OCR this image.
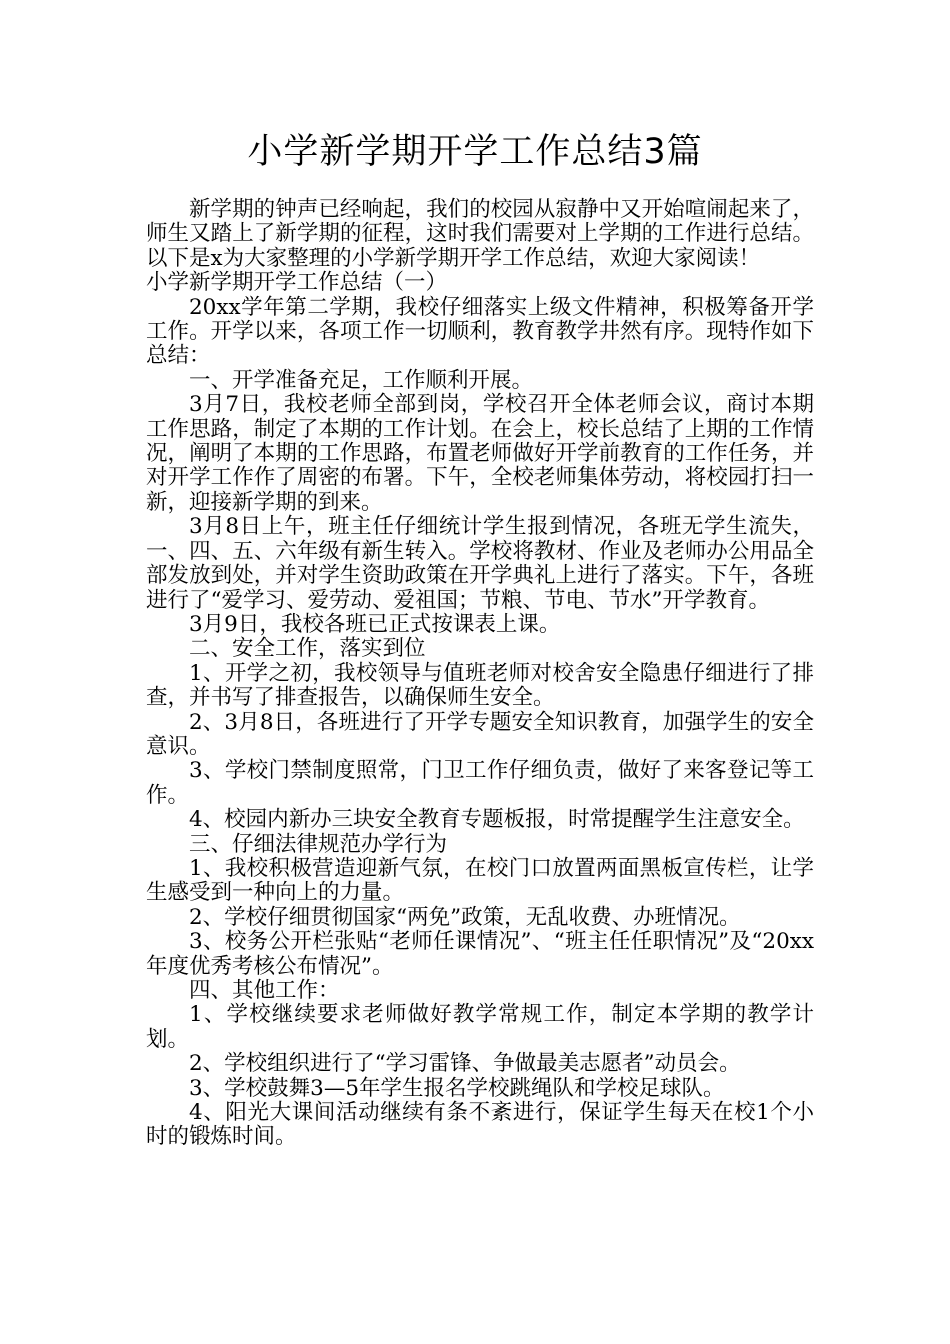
小学新学期开学工作总结3篇

新学期的钟声已经响起，我们的校园从寂静中又开始喧闹起来了，师生又踏上了新学期的征程，这时我们需要对上学期的工作进行总结。以下是x为大家整理的小学新学期开学工作总结，欢迎大家阅读！

小学新学期开学工作总结（一）

20xx学年第二学期，我校仔细落实上级文件精神，积极筹备开学工作。开学以来，各项工作一切顺利，教育教学井然有序。现特作如下总结：

一、开学准备充足，工作顺利开展。

3月7日，我校老师全部到岗，学校召开全体老师会议，商讨本期工作思路，制定了本期的工作计划。在会上，校长总结了上期的工作情况，阐明了本期的工作思路，布置老师做好开学前教育的工作任务，并对开学工作作了周密的布署。下午，全校老师集体劳动，将校园打扫一新，迎接新学期的到来。

3月8日上午，班主任仔细统计学生报到情况，各班无学生流失，一、四、五、六年级有新生转入。学校将教材、作业及老师办公用品全部发放到处，并对学生资助政策在开学典礼上进行了落实。下午，各班进行了“爱学习、爱劳动、爱祖国；节粮、节电、节水”开学教育。

3月9日，我校各班已正式按课表上课。

二、安全工作，落实到位

1、开学之初，我校领导与值班老师对校舍安全隐患仔细进行了排查，并书写了排查报告，以确保师生安全。

2、3月8日，各班进行了开学专题安全知识教育，加强学生的安全意识。

3、学校门禁制度照常，门卫工作仔细负责，做好了来客登记等工作。

4、校园内新办三块安全教育专题板报，时常提醒学生注意安全。

三、仔细法律规范办学行为

1、我校积极营造迎新气氛，在校门口放置两面黑板宣传栏，让学生感受到一种向上的力量。

2、学校仔细贯彻国家“两免”政策，无乱收费、办班情况。

3、校务公开栏张贴“老师任课情况”、“班主任任职情况”及“20xx年度优秀考核公布情况”。

四、其他工作：

1、学校继续要求老师做好教学常规工作，制定本学期的教学计划。

2、学校组织进行了“学习雷锋、争做最美志愿者”动员会。

3、学校鼓舞3—5年学生报名学校跳绳队和学校足球队。

4、阳光大课间活动继续有条不紊进行，保证学生每天在校1个小时的锻炼时间。
